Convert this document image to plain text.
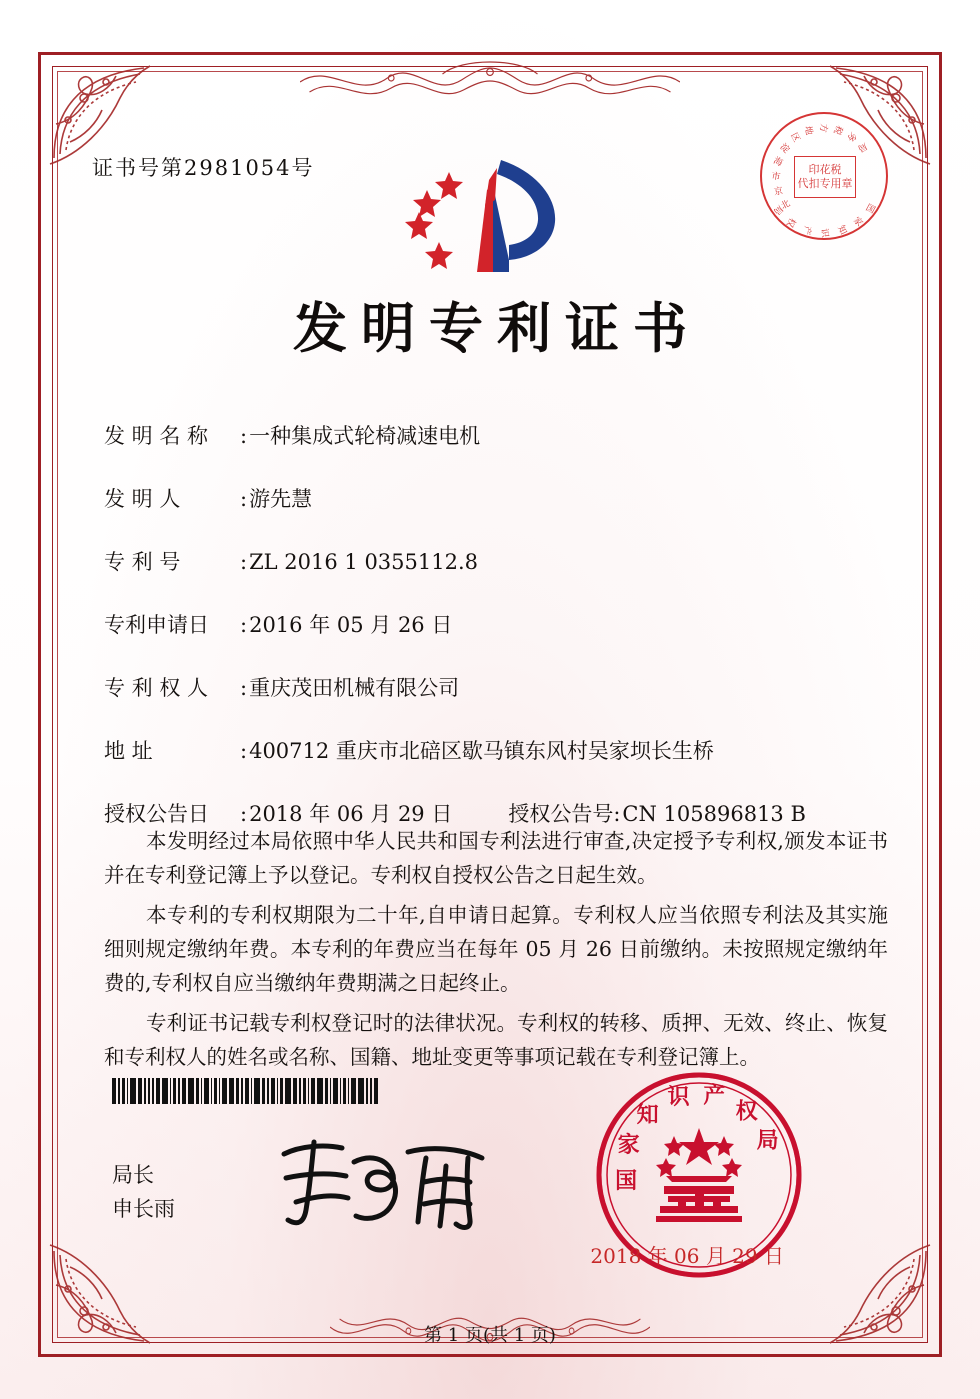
证书号第2981054号
北
京
市
海
淀
区
地 方 税 务
局
国
家
知
识
产
权
局
印花税
代扣专用章
发明专利证书
发 明 名 称	: 一种集成式轮椅减速电机
发 明 人	: 游先慧
专 利 号	: ZL 2016 1 0355112.8
专利申请日	: 2016 年 05 月 26 日
专 利 权 人	: 重庆茂田机械有限公司
地 址	: 400712 重庆市北碚区歇马镇东风村吴家坝长生桥
授权公告日	: 2018 年 06 月 29 日	授权公告号 : CN 105896813 B

本发明经过本局依照中华人民共和国专利法进行审查,决定授予专利权,颁发本证书并在专利登记簿上予以登记。专利权自授权公告之日起生效。

本专利的专利权期限为二十年,自申请日起算。专利权人应当依照专利法及其实施细则规定缴纳年费。本专利的年费应当在每年 05 月 26 日前缴纳。未按照规定缴纳年费的,专利权自应当缴纳年费期满之日起终止。

专利证书记载专利权登记时的法律状况。专利权的转移、质押、无效、终止、恢复和专利权人的姓名或名称、国籍、地址变更等事项记载在专利登记簿上。

局长
申长雨
国
家
知
识 产
权
局
2018 年 06 月 29 日
第 1 页(共 1 页)
